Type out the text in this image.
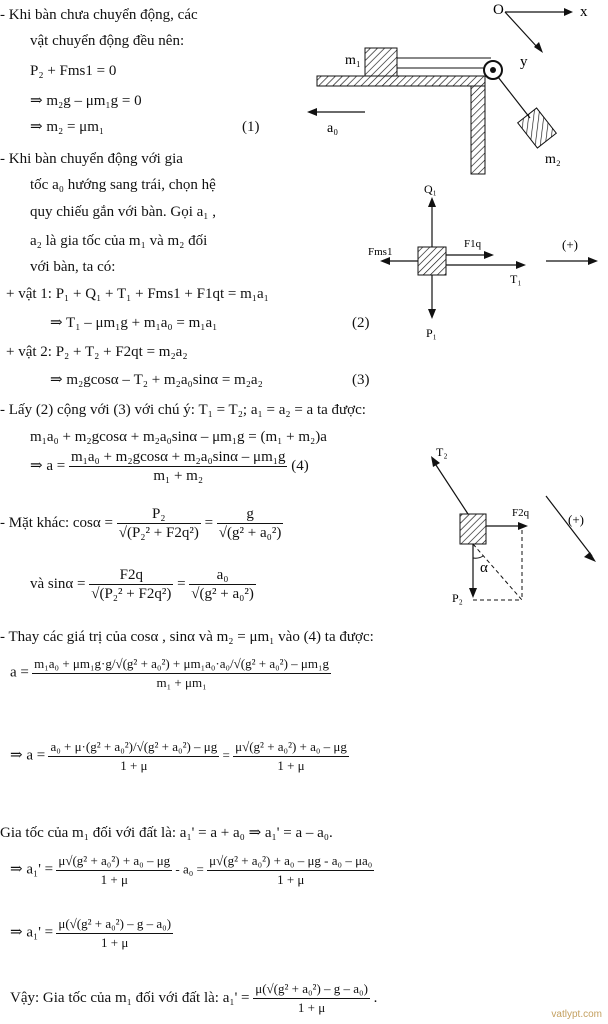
- Khi bàn chưa chuyển động, các
vật chuyển động đều nên:
P₂ + Fms1 = 0
⇒ m₂g – μm₁g = 0
⇒ m₂ = μm₁	(1)
O	x
y
m₁
m₂
a₀
- Khi bàn chuyển động với gia
tốc a₀ hướng sang trái, chọn hệ
quy chiếu gắn với bàn. Gọi a₁ ,
a₂ là gia tốc của m₁ và m₂ đối
với bàn, ta có:
+ vật 1: P₁ + Q₁ + T₁ + Fms1 + F1qt = m₁a₁
⇒ T₁ – μm₁g + m₁a₀ = m₁a₁	(2)
+ vật 2: P₂ + T₂ + F2qt = m₂a₂
⇒ m₂gcosα – T₂ + m₂a₀sinα = m₂a₂	(3)
Q₁
P₁
Fms1
F1q
T₁
(+)
- Lấy (2) cộng với (3) với chú ý: T₁ = T₂; a₁ = a₂ = a ta được:
m₁a₀ + m₂gcosα + m₂a₀sinα – μm₁g = (m₁ + m₂)a
⇒ $a = \frac{\text{m₁a₀ + m₂gcosα + m₂a₀sinα – μm₁g}}{\text{m₁ + m₂}} (4)$
- Mặt khác: $\cos\alpha = \frac{\text{P₂}}{\text{√(P₂² + F2q²)}} = \frac{g}{\text{√(g² + a₀²)}}$
và $\sin\alpha = \frac{F2q}{\text{√(P₂² + F2q²)}} = \frac{\text{a₀}}{\text{√(g² + a₀²)}}$
T₂
F2q
P₂
α
(+)
- Thay các giá trị của cosα , sinα và m₂ = μm₁ vào (4) ta được:
$a = \frac{\text{m₁a₀ + μm₁g·g/√(g² + a₀²) + μm₁a₀·a₀/√(g² + a₀²) – μm₁g}}{\text{m₁ + μm₁}}$
⇒ $a = \frac{\text{a₀ + μ·(g² + a₀²)/√(g² + a₀²) – μg}}{1 + \mu} = \frac{\text{μ√(g² + a₀²) + a₀ – μg}}{1 + \mu}$
Gia tốc của m₁ đối với đất là: a₁' = a + a₀ ⇒ a₁' = a – a₀.
⇒ $a_1' = \frac{\text{μ√(g² + a₀²) + a₀ – μg}}{1 + \mu} - a_0 = \frac{\text{μ√(g² + a₀²) + a₀ – μg - a₀ – μa₀}}{1 + \mu}$
⇒ $a_1' = \frac{\text{μ(√(g² + a₀²) – g – a₀)}}{1 + \mu}$
Vậy: Gia tốc của m₁ đối với đất là: $a_1' = \frac{\text{μ(√(g² + a₀²) – g – a₀)}}{1 + \mu}$ .
vatlypt.com
